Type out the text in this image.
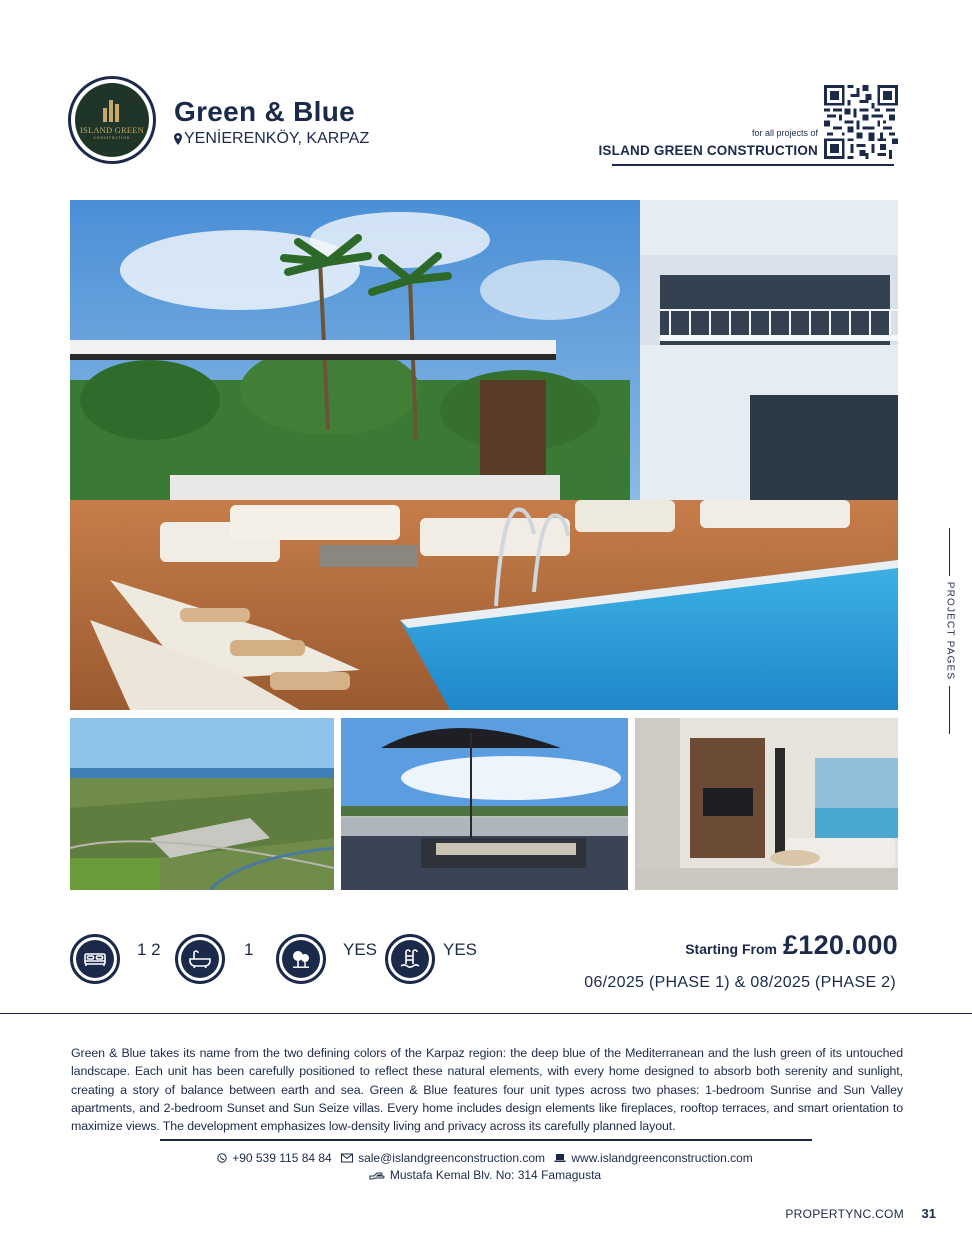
ISLAND GREEN
construction
Green & Blue
YENİERENKÖY, KARPAZ	for all projects of
ISLAND GREEN CONSTRUCTION
PROJECT PAGES
1 2	1	YES	YES	Starting From £120.000
06/2025 (PHASE 1) & 08/2025 (PHASE 2)

Green & Blue takes its name from the two defining colors of the Karpaz region: the deep blue of the Mediterranean and the lush green of its untouched landscape. Each unit has been carefully positioned to reflect these natural elements, with every home designed to absorb both serenity and sunlight, creating a story of balance between earth and sea. Green & Blue features four unit types across two phases: 1-bedroom Sunrise and Sun Valley apartments, and 2-bedroom Sunset and Sun Seize villas. Every home includes design elements like fireplaces, rooftop terraces, and smart orientation to maximize views. The development emphasizes low-density living and privacy across its carefully planned layout.

+90 539 115 84 84 sale@islandgreenconstruction.com www.islandgreenconstruction.com
Mustafa Kemal Blv. No: 314 Famagusta
PROPERTYNC.COM 31
